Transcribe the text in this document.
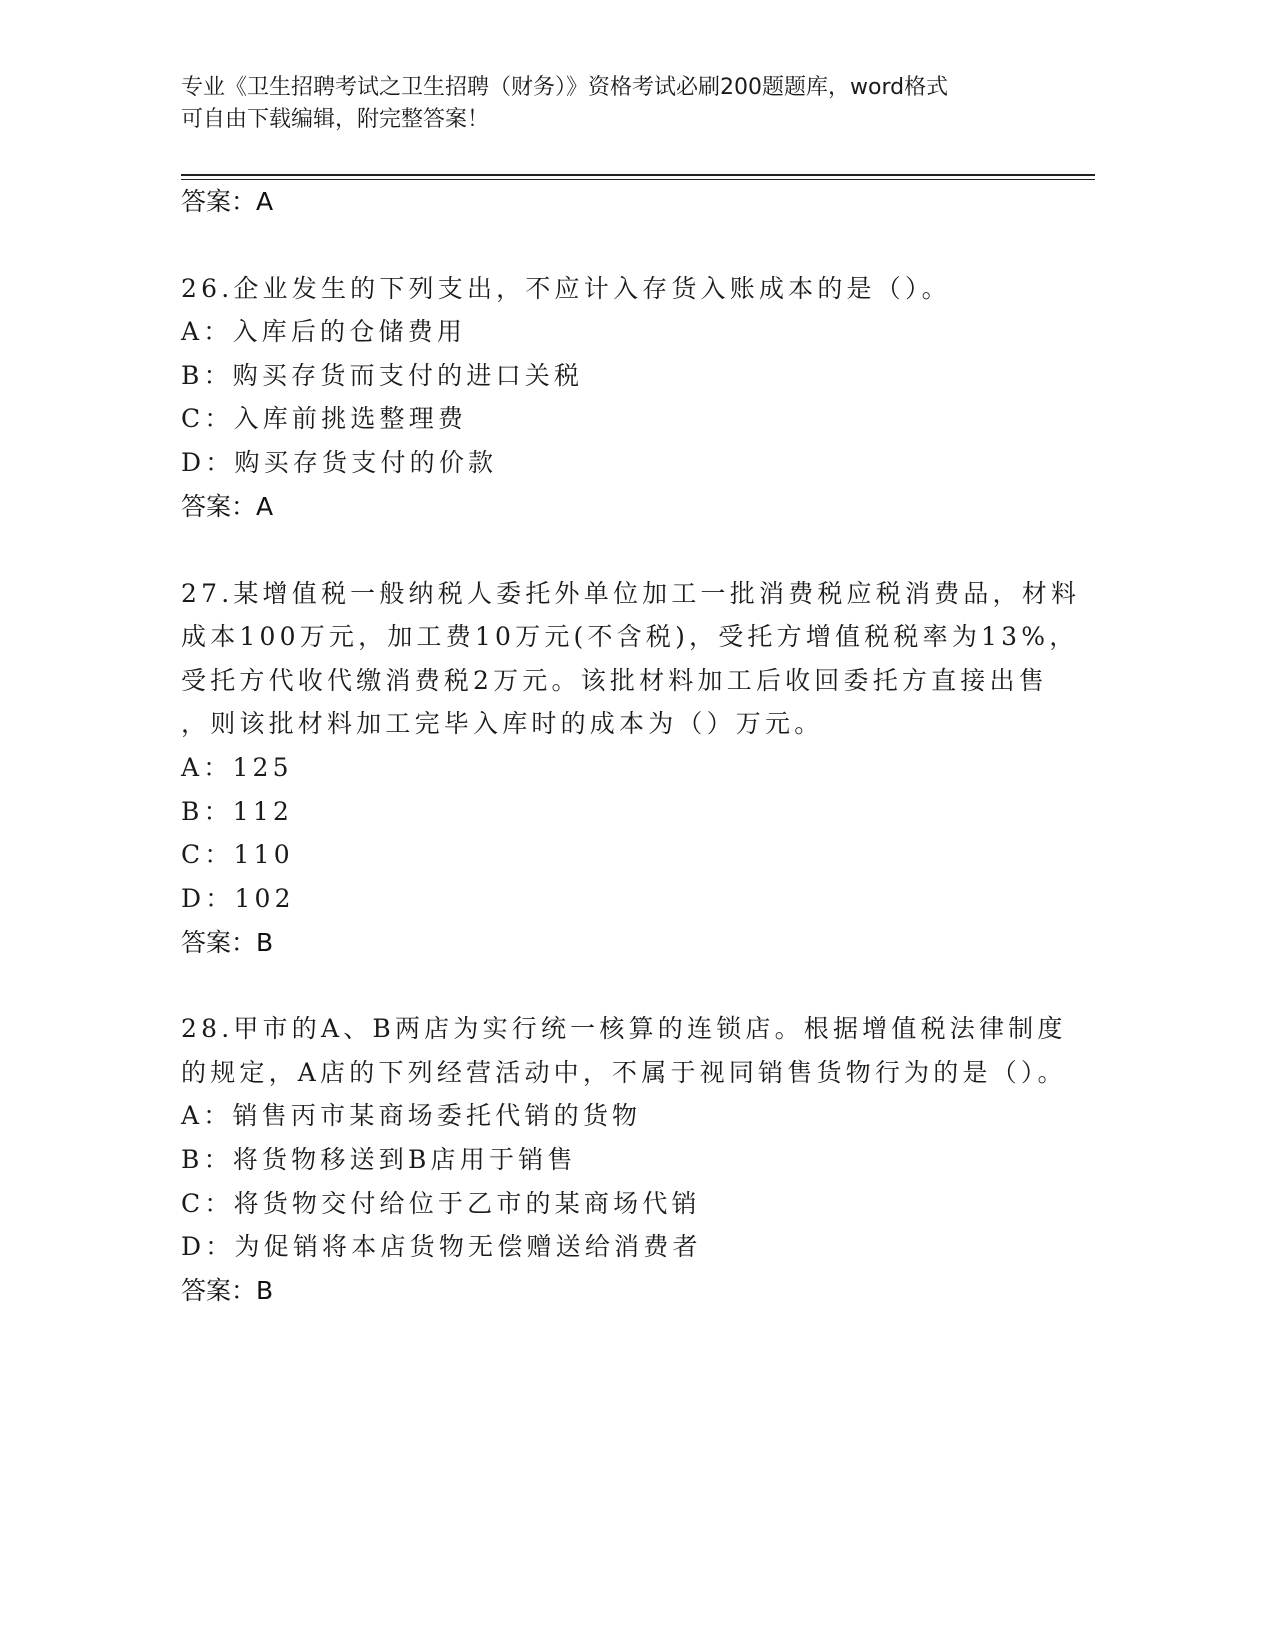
专业《卫生招聘考试之卫生招聘（财务）》资格考试必刷200题题库，word格式
可自由下载编辑，附完整答案！
答案：A
26.企业发生的下列支出，不应计入存货入账成本的是（）。
A：入库后的仓储费用
B：购买存货而支付的进口关税
C：入库前挑选整理费
D：购买存货支付的价款
答案：A
27.某增值税一般纳税人委托外单位加工一批消费税应税消费品，材料
成本100万元，加工费10万元(不含税)，受托方增值税税率为13%，
受托方代收代缴消费税2万元。该批材料加工后收回委托方直接出售
，则该批材料加工完毕入库时的成本为（）万元。
A：125
B：112
C：110
D：102
答案：B
28.甲市的A、B两店为实行统一核算的连锁店。根据增值税法律制度
的规定，A店的下列经营活动中，不属于视同销售货物行为的是（）。
A：销售丙市某商场委托代销的货物
B：将货物移送到B店用于销售
C：将货物交付给位于乙市的某商场代销
D：为促销将本店货物无偿赠送给消费者
答案：B
